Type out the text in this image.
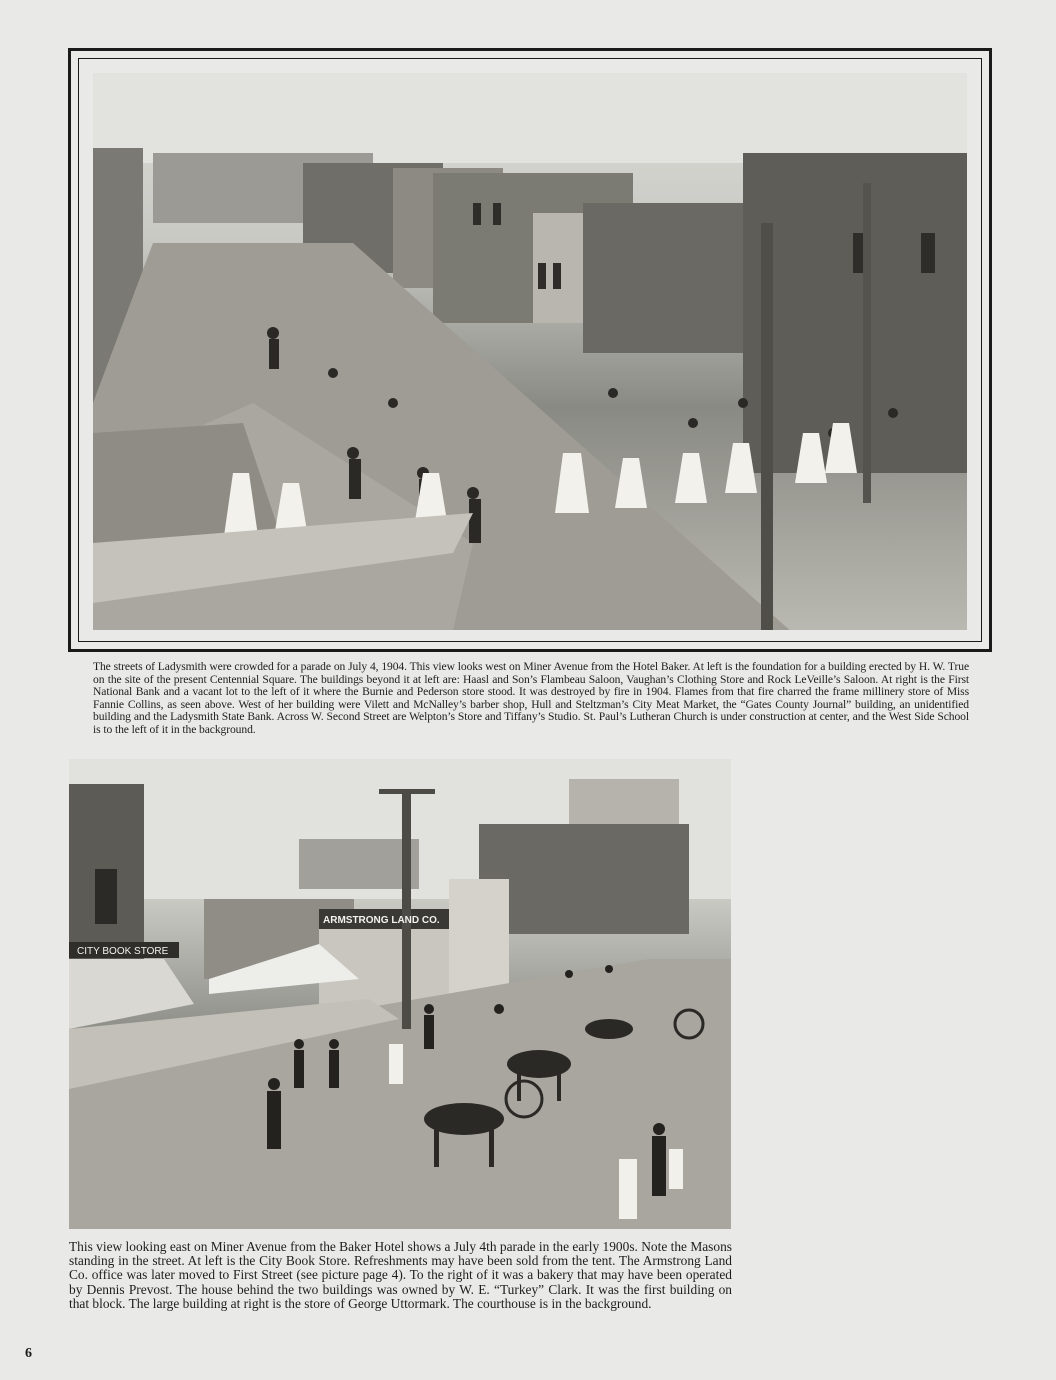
The streets of Ladysmith were crowded for a parade on July 4, 1904. This view looks west on Miner Avenue from the Hotel Baker. At left is the foundation for a building erected by H. W. True on the site of the present Centennial Square. The buildings beyond it at left are: Haasl and Son’s Flambeau Saloon, Vaughan’s Clothing Store and Rock LeVeille’s Saloon. At right is the First National Bank and a vacant lot to the left of it where the Burnie and Pederson store stood. It was destroyed by fire in 1904. Flames from that fire charred the frame millinery store of Miss Fannie Collins, as seen above. West of her building were Vilett and McNalley’s barber shop, Hull and Steltzman’s City Meat Market, the “Gates County Journal” building, an unidentified building and the Ladysmith State Bank. Across W. Second Street are Welpton’s Store and Tiffany’s Studio. St. Paul’s Lutheran Church is under construction at center, and the West Side School is to the left of it in the background.

CITY BOOK STORE
ARMSTRONG LAND CO.

This view looking east on Miner Avenue from the Baker Hotel shows a July 4th parade in the early 1900s. Note the Masons standing in the street. At left is the City Book Store. Refreshments may have been sold from the tent. The Armstrong Land Co. office was later moved to First Street (see picture page 4). To the right of it was a bakery that may have been operated by Dennis Prevost. The house behind the two buildings was owned by W. E. “Turkey” Clark. It was the first building on that block. The large building at right is the store of George Uttormark. The courthouse is in the background.

6
